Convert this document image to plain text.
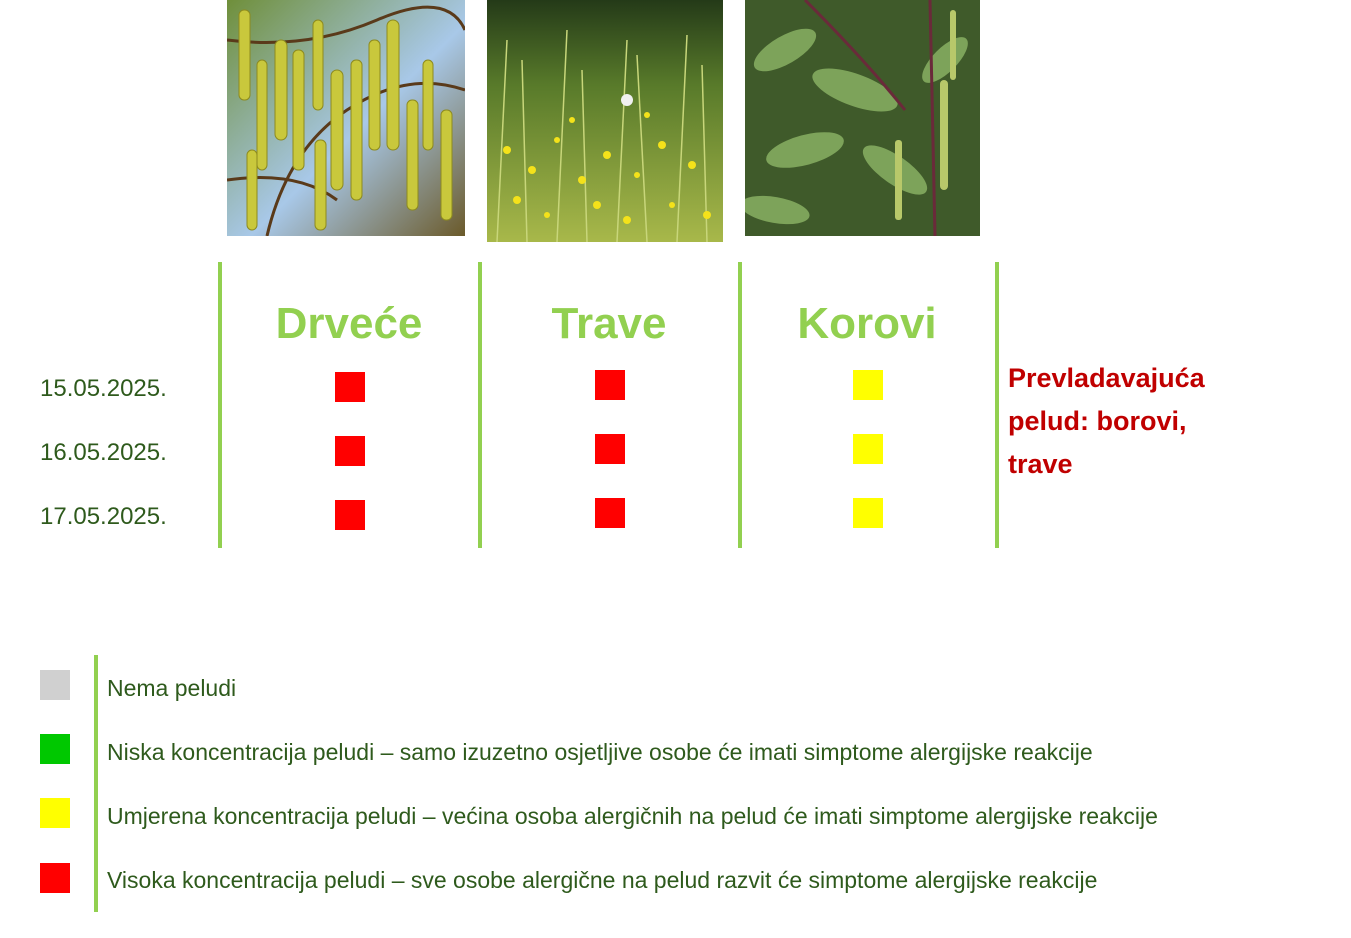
Drveće	Trave	Korovi
15.05.2025.
16.05.2025.
17.05.2025.
Prevladavajuća pelud: borovi, trave
Nema peludi
Niska koncentracija peludi – samo izuzetno osjetljive osobe će imati simptome alergijske reakcije
Umjerena koncentracija peludi – većina osoba alergičnih na pelud će imati simptome alergijske reakcije
Visoka koncentracija peludi – sve osobe alergične na pelud razvit će simptome alergijske reakcije
